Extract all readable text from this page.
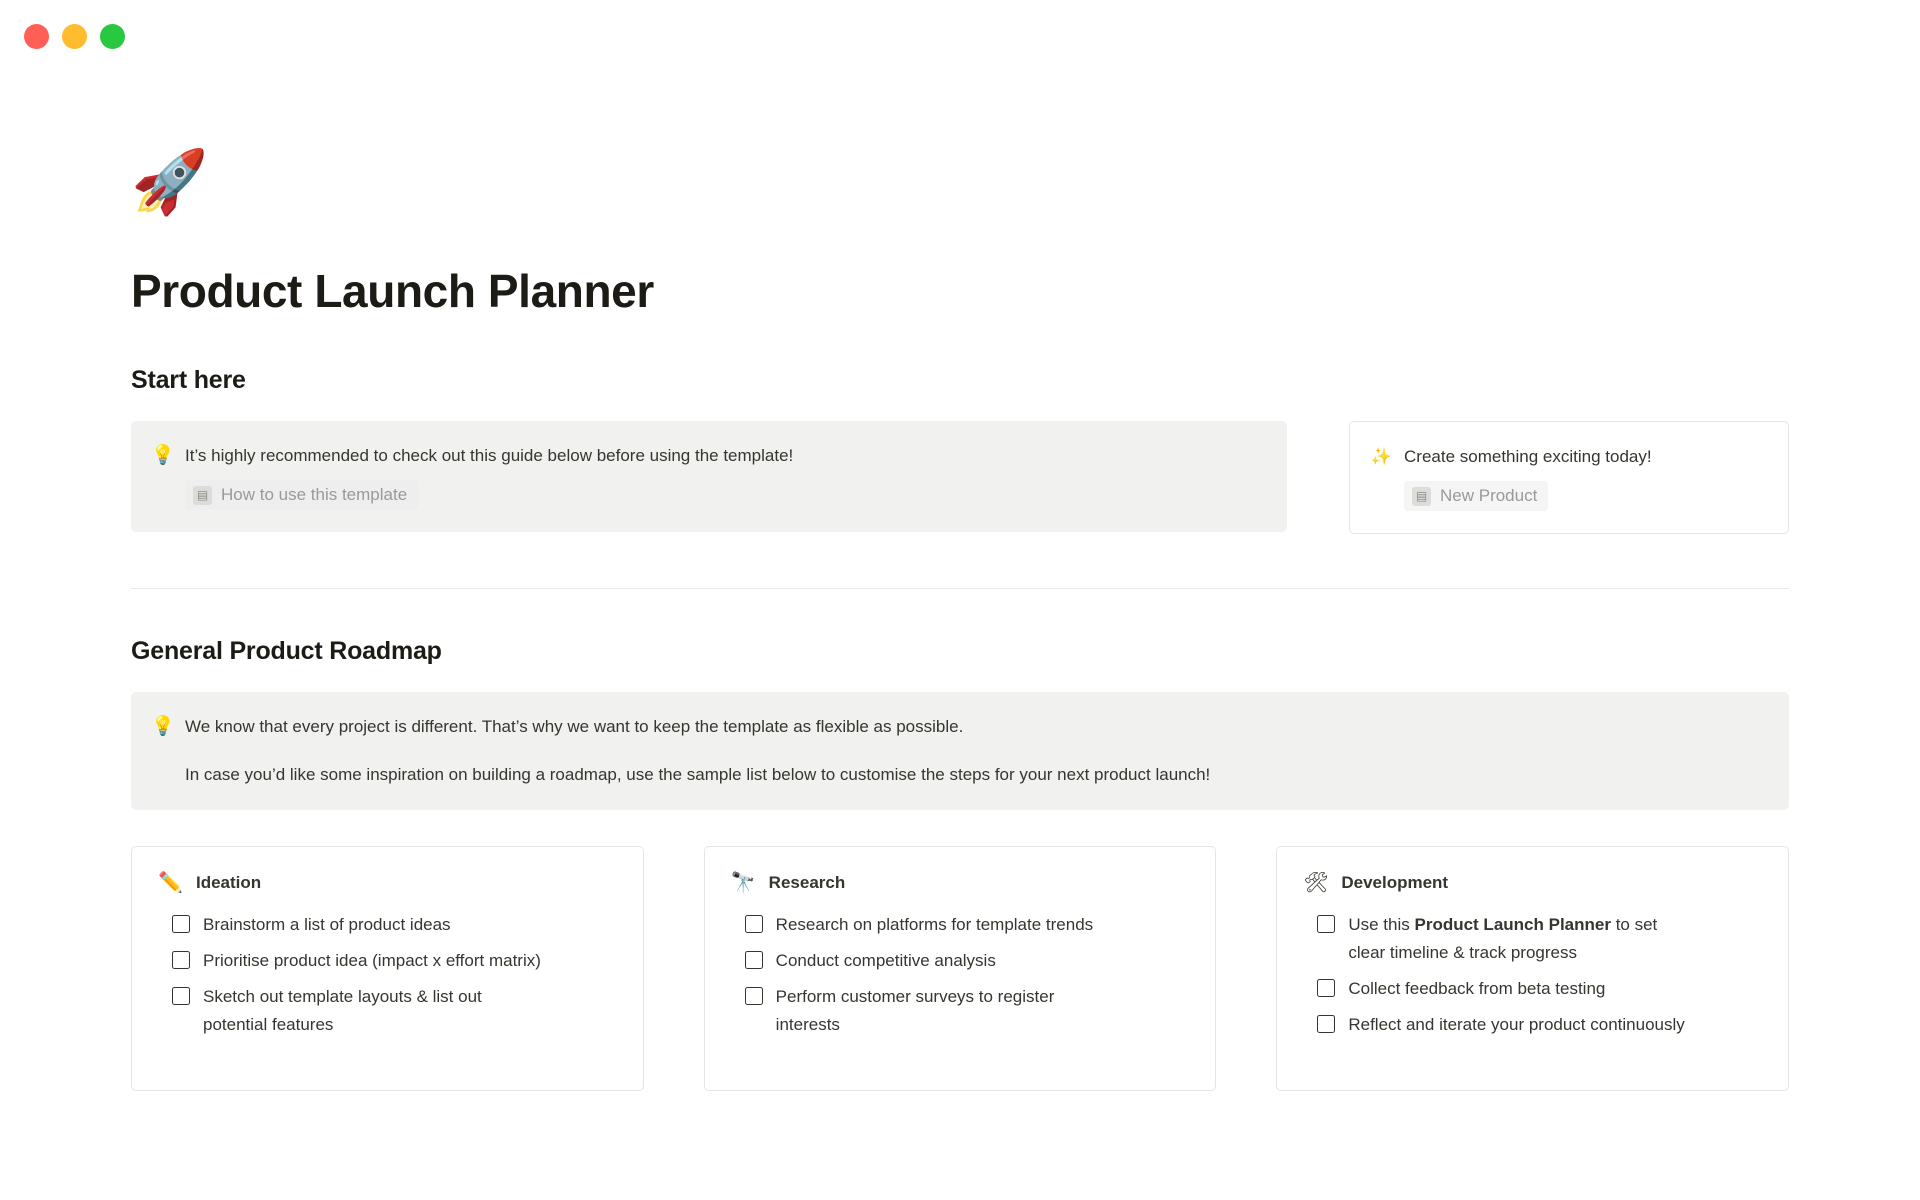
🚀
Product Launch Planner
Start here
💡 It’s highly recommended to check out this guide below before using the template!
▤ How to use this template
✨ Create something exciting today!
▤ New Product
General Product Roadmap
💡 We know that every project is different. That’s why we want to keep the template as flexible as possible.
In case you’d like some inspiration on building a roadmap, use the sample list below to customise the steps for your next product launch!
✏️ Ideation
Brainstorm a list of product ideas
Prioritise product idea (impact x effort matrix)
Sketch out template layouts & list out potential features
🔭 Research
Research on platforms for template trends
Conduct competitive analysis
Perform customer surveys to register interests
🛠 Development
Use this Product Launch Planner to set clear timeline & track progress
Collect feedback from beta testing
Reflect and iterate your product continuously
